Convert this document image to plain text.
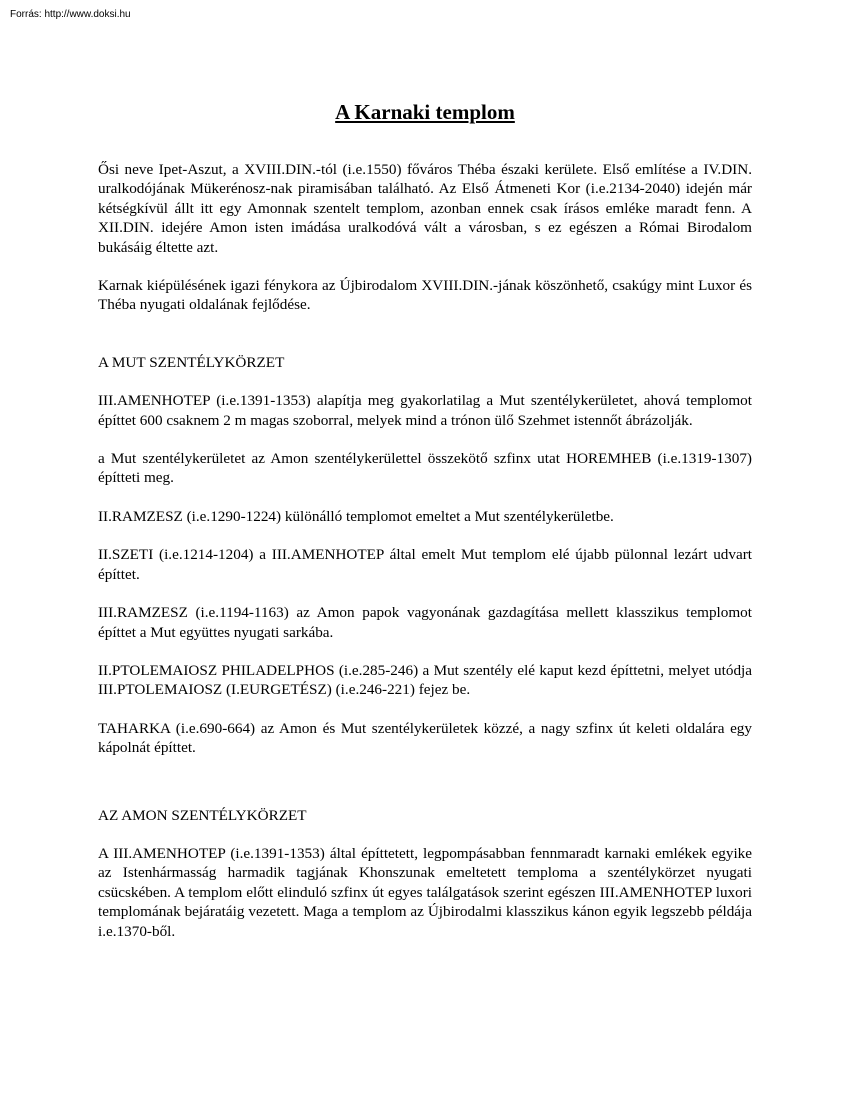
Forrás: http://www.doksi.hu
A Karnaki templom

Ősi neve Ipet-Aszut, a XVIII.DIN.-tól (i.e.1550) főváros Théba északi kerülete. Első említése a IV.DIN. uralkodójának Mükerénosz-nak piramisában található. Az Első Átmeneti Kor (i.e.2134-2040) idején már kétségkívül állt itt egy Amonnak szentelt templom, azonban ennek csak írásos emléke maradt fenn. A XII.DIN. idejére Amon isten imádása uralkodóvá vált a városban, s ez egészen a Római Birodalom bukásáig éltette azt.

Karnak kiépülésének igazi fénykora az Újbirodalom XVIII.DIN.-jának köszönhető, csakúgy mint Luxor és Théba nyugati oldalának fejlődése.

A MUT SZENTÉLYKÖRZET

III.AMENHOTEP (i.e.1391-1353) alapítja meg gyakorlatilag a Mut szentélykerületet, ahová templomot építtet 600 csaknem 2 m magas szoborral, melyek mind a trónon ülő Szehmet istennőt ábrázolják.

a Mut szentélykerületet az Amon szentélykerülettel összekötő szfinx utat HOREMHEB (i.e.1319-1307) építteti meg.

II.RAMZESZ (i.e.1290-1224) különálló templomot emeltet a Mut szentélykerületbe.

II.SZETI (i.e.1214-1204) a III.AMENHOTEP által emelt Mut templom elé újabb pülonnal lezárt udvart építtet.

III.RAMZESZ (i.e.1194-1163) az Amon papok vagyonának gazdagítása mellett klasszikus templomot építtet a Mut együttes nyugati sarkába.

II.PTOLEMAIOSZ PHILADELPHOS (i.e.285-246) a Mut szentély elé kaput kezd építtetni, melyet utódja III.PTOLEMAIOSZ (I.EURGETÉSZ) (i.e.246-221) fejez be.

TAHARKA (i.e.690-664) az Amon és Mut szentélykerületek közzé, a nagy szfinx út keleti oldalára egy kápolnát építtet.

AZ AMON SZENTÉLYKÖRZET

A III.AMENHOTEP (i.e.1391-1353) által építtetett, legpompásabban fennmaradt karnaki emlékek egyike az Istenhármasság harmadik tagjának Khonszunak emeltetett temploma a szentélykörzet nyugati csücskében. A templom előtt elinduló szfinx út egyes találgatások szerint egészen III.AMENHOTEP luxori templomának bejáratáig vezetett. Maga a templom az Újbirodalmi klasszikus kánon egyik legszebb példája i.e.1370-ből.
